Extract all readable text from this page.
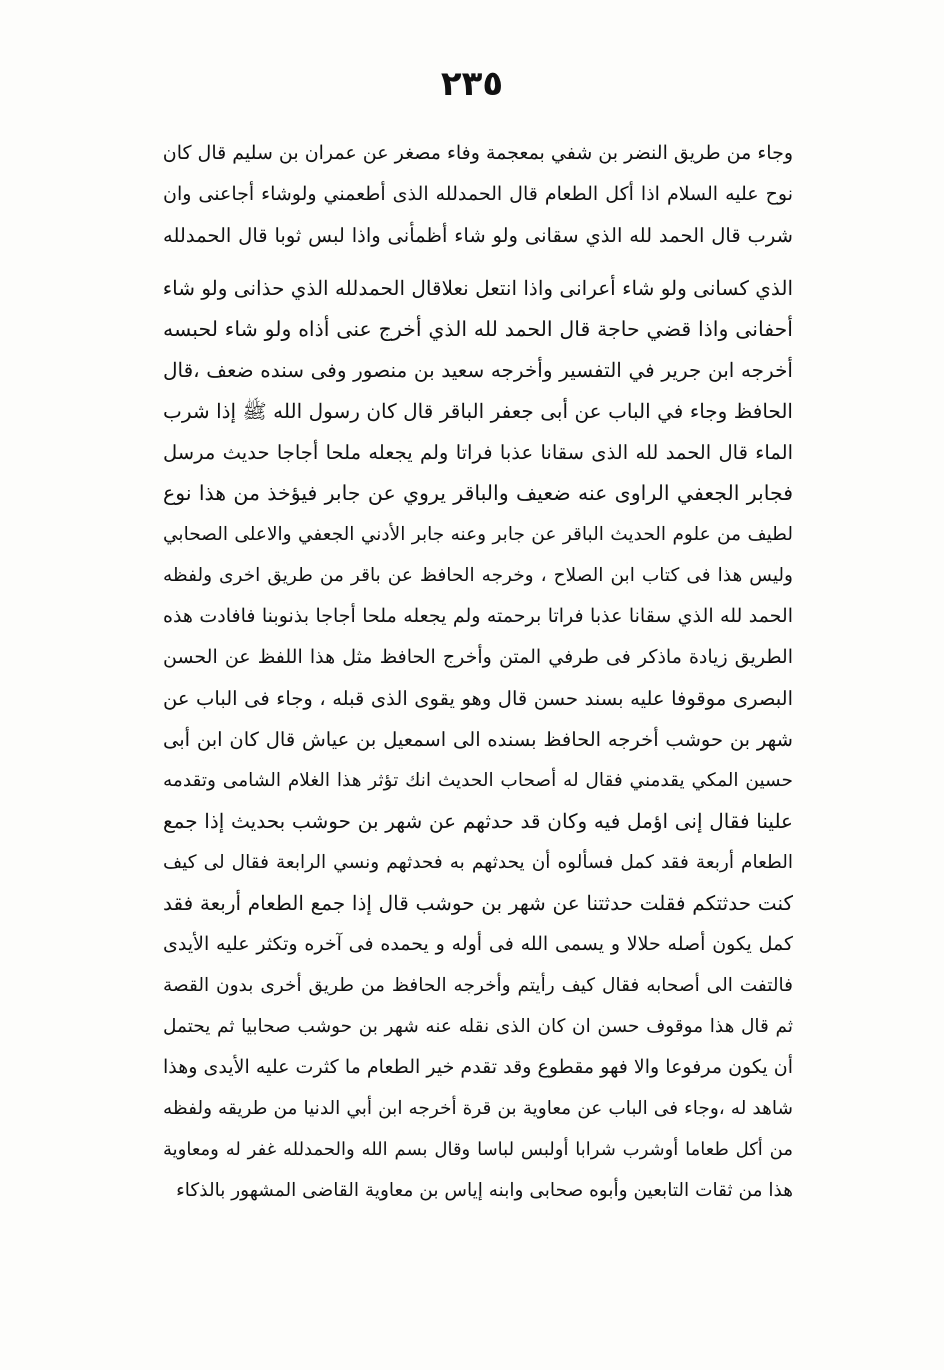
٢٣٥
وجاء من طريق النضر بن شفي بمعجمة وفاء مصغر عن عمران بن سليم قال كان
نوح عليه السلام اذا أكل الطعام قال الحمدلله الذى أطعمني ولوشاء أجاعنى وان
شرب قال الحمد لله الذي سقانى ولو شاء أظمأنى واذا لبس ثوبا قال الحمدلله
الذي كسانى ولو شاء أعرانى واذا انتعل نعلاقال الحمدلله الذي حذانى ولو شاء
أحفانى واذا قضي حاجة قال الحمد لله الذي أخرج عنى أذاه ولو شاء لحبسه
أخرجه ابن جرير في التفسير وأخرجه سعيد بن منصور وفى سنده ضعف ،قال
الحافظ وجاء في الباب عن أبى جعفر الباقر قال كان رسول الله ﷺ إذا شرب
الماء قال الحمد لله الذى سقانا عذبا فراتا ولم يجعله ملحا أجاجا حديث مرسل
فجابر الجعفي الراوى عنه ضعيف والباقر يروي عن جابر فيؤخذ من هذا نوع
لطيف من علوم الحديث الباقر عن جابر وعنه جابر الأدني الجعفي والاعلى الصحابي
وليس هذا فى كتاب ابن الصلاح ، وخرجه الحافظ عن باقر من طريق اخرى ولفظه
الحمد لله الذي سقانا عذبا فراتا برحمته ولم يجعله ملحا أجاجا بذنوبنا فافادت هذه
الطريق زيادة ماذكر فى طرفي المتن وأخرج الحافظ مثل هذا اللفظ عن الحسن
البصرى موقوفا عليه بسند حسن قال وهو يقوى الذى قبله ، وجاء فى الباب عن
شهر بن حوشب أخرجه الحافظ بسنده الى اسمعيل بن عياش قال كان ابن أبى
حسين المكي يقدمني فقال له أصحاب الحديث انك تؤثر هذا الغلام الشامى وتقدمه
علينا فقال إنى اؤمل فيه وكان قد حدثهم عن شهر بن حوشب بحديث إذا جمع
الطعام أربعة فقد كمل فسألوه أن يحدثهم به فحدثهم ونسي الرابعة فقال لى كيف
كنت حدثتكم فقلت حدثتنا عن شهر بن حوشب قال إذا جمع الطعام أربعة فقد
كمل يكون أصله حلالا و يسمى الله فى أوله و يحمده فى آخره وتكثر عليه الأيدى
فالتفت الى أصحابه فقال كيف رأيتم وأخرجه الحافظ من طريق أخرى بدون القصة
ثم قال هذا موقوف حسن ان كان الذى نقله عنه شهر بن حوشب صحابيا ثم يحتمل
أن يكون مرفوعا والا فهو مقطوع وقد تقدم خير الطعام ما كثرت عليه الأيدى وهذا
شاهد له ،وجاء فى الباب عن معاوية بن قرة أخرجه ابن أبي الدنيا من طريقه ولفظه
من أكل طعاما أوشرب شرابا أولبس لباسا وقال بسم الله والحمدلله غفر له ومعاوية
هذا من ثقات التابعين وأبوه صحابى وابنه إياس بن معاوية القاضى المشهور بالذكاء
